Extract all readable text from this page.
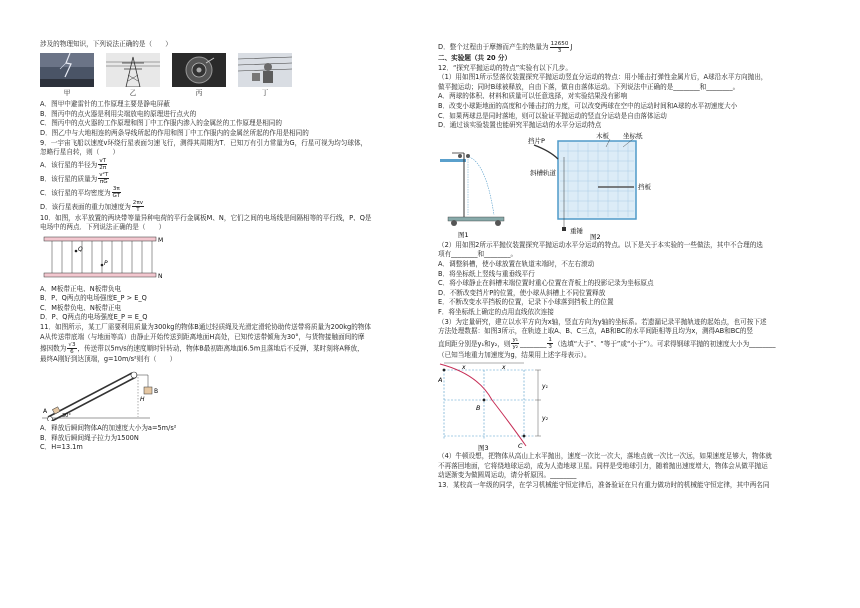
涉及的物理知识，下列说法正确的是（　　）
甲	乙	丙	丁
A．图甲中避雷针的工作原理主要是静电屏蔽
B．图丙中的点火器是利用尖端放电的原理进行点火的
C．图丙中的点火器的工作原理和图丁中工作服内渗入的金属丝的工作原理是相同的
D．图乙中与大地相连的两条导线所起的作用和图丁中工作服内的金属丝所起的作用是相同的
9．一宇宙飞船以速度v环绕行星表面匀速飞行，测得其周期为T．已知万有引力常量为G，行星可视为均匀球体，
忽略行星自转，则（　　）
A．该行星的半径为 $\frac{vT}{2\pi}$
B．该行星的质量为 $\frac{\text{v²T}}{\pi G}$
C．该行星的平均密度为 $\frac{3\pi}{GT}$
D．该行星表面的重力加速度为 $\frac{2\pi v}{T}$
10．如图，水平放置的两块带等量异种电荷的平行金属板M、N，它们之间的电场线是间隔相等的平行线，P、Q是
电场中的两点．下列说法正确的是（　　）
M
N
Q
P
A．M板带正电、N板带负电
B．P、Q两点的电场强度E_P > E_Q
C．M板带负电、N板带正电
D．P、Q两点的电场强度E_P = E_Q
11．如图所示，某工厂需要利用质量为300kg的物体B通过轻质绳及光滑定滑轮协助传送带将质量为200kg的物体
A从传送带底端（与地面等高）由静止开始传送到距离地面H高处，已知传送带倾角为30°，与货物接触面间的摩
擦因数为 $\frac{√3}{6}$ ，传送带以5m/s的速度顺时针转动，物体B最初距离地面6.5m且落地后不反弹，某时刻将A释放，
最终A刚好到达顶端，g=10m/s²则有（　　）
A
B
H
30°
A．释放后瞬间物体A的加速度大小为a=5m/s²
B．释放后瞬间绳子拉力为1500N
C．H=13.1m
D．整个过程由于摩擦而产生的热量为 $\frac{12650}{3}$ J
二、实验题（共 20 分）
12．“探究平抛运动的特点”实验有以下几步。
（1）用如图1所示竖落仪装置探究平抛运动竖直分运动的特点：用小锤击打弹性金属片后，A球沿水平方向抛出，
做平抛运动；同时B球被释放，自由下落，做自由落体运动。下列说法中正确的是________和________。
A．两球的体积、材料和质量可以任意选择，对实验结果没有影响
B．改变小球距地面的高度和小锤击打的力度，可以改变两球在空中的运动时间和A球的水平初速度大小
C．如果两球总是同时落地，则可以验证平抛运动的竖直分运动是自由落体运动
D．通过该实验装置也能研究平抛运动的水平分运动特点
图1
挡片P
木板 坐标纸
斜槽轨道
挡板
重锤
图2
（2）用如图2所示平抛仪装置探究平抛运动水平分运动的特点。以下是关于本实验的一些做法，其中不合理的选
项有________和________。
A．调整斜槽，使小球放置在轨道末端时，不左右滚动
B．将坐标纸上竖线与重垂线平行
C．将小球静止在斜槽末端位置时重心位置在背板上的投影记录为坐标原点
D．不断改变挡片P的位置，使小球从斜槽上不同位置释放
E．不断改变水平挡板的位置，记录下小球落到挡板上的位置
F．将坐标纸上确定的点用直线依次连接
（3）为定量研究，建立以水平方向为x轴，竖直方向为y轴的坐标系。若遗漏记录平抛轨迹的起始点，也可按下述
方法处理数据：如图3所示，在轨迹上取A、B、C三点，AB和BC的水平间距相等且均为x，测得AB和BC的竖
直间距分别是y₁和y₂，则 $\frac{\text{y₁}}{\text{y₂}}$ ________ $\frac{1}{3}$ （选填“大于”、“等于”或“小于”）。可求得钢球平抛的初速度大小为________
（已知当地重力加速度为g，结果用上述字母表示）。
x	x
y₁
y₂
A
B
C
图3
（4）牛顿设想，把物体从高山上水平抛出，速度一次比一次大，落地点就一次比一次远，如果速度足够大，物体就
不再落回地面，它将绕地球运动，成为人造地球卫星。同样是受地球引力，随着抛出速度增大，物体会从做平抛运
动逐渐变为做圆周运动，请分析原因。________
13．某校高一年级的同学，在学习机械能守恒定律后，准备验证在只有重力做功时的机械能守恒定律，其中两名同
